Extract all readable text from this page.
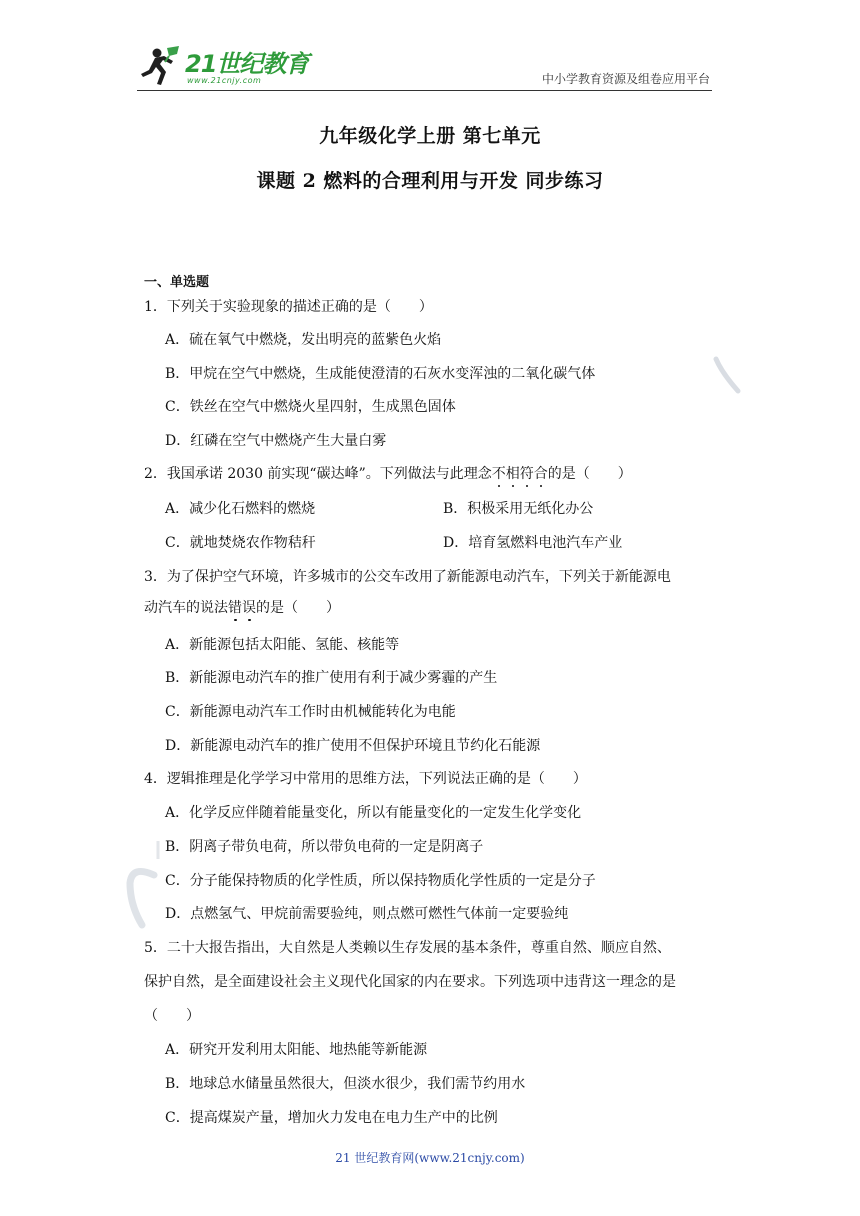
21世纪教育
www.21cnjy.com	中小学教育资源及组卷应用平台
九年级化学上册 第七单元
课题 2 燃料的合理利用与开发 同步练习
一、单选题
1．下列关于实验现象的描述正确的是（　　）
A．硫在氧气中燃烧，发出明亮的蓝紫色火焰
B．甲烷在空气中燃烧，生成能使澄清的石灰水变浑浊的二氧化碳气体
C．铁丝在空气中燃烧火星四射，生成黑色固体
D．红磷在空气中燃烧产生大量白雾
2．我国承诺 2030 前实现“碳达峰”。下列做法与此理念不相符合的是（　　）
A．减少化石燃料的燃烧	B．积极采用无纸化办公
C．就地焚烧农作物秸秆	D．培育氢燃料电池汽车产业
3．为了保护空气环境，许多城市的公交车改用了新能源电动汽车，下列关于新能源电
动汽车的说法错误的是（　　）
A．新能源包括太阳能、氢能、核能等
B．新能源电动汽车的推广使用有利于减少雾霾的产生
C．新能源电动汽车工作时由机械能转化为电能
D．新能源电动汽车的推广使用不但保护环境且节约化石能源
4．逻辑推理是化学学习中常用的思维方法，下列说法正确的是（　　）
A．化学反应伴随着能量变化，所以有能量变化的一定发生化学变化
B．阴离子带负电荷，所以带负电荷的一定是阴离子
C．分子能保持物质的化学性质，所以保持物质化学性质的一定是分子
D．点燃氢气、甲烷前需要验纯，则点燃可燃性气体前一定要验纯
5．二十大报告指出，大自然是人类赖以生存发展的基本条件，尊重自然、顺应自然、
保护自然，是全面建设社会主义现代化国家的内在要求。下列选项中违背这一理念的是
（　　）
A．研究开发利用太阳能、地热能等新能源
B．地球总水储量虽然很大，但淡水很少，我们需节约用水
C．提高煤炭产量，增加火力发电在电力生产中的比例
21 世纪教育网(www.21cnjy.com)
